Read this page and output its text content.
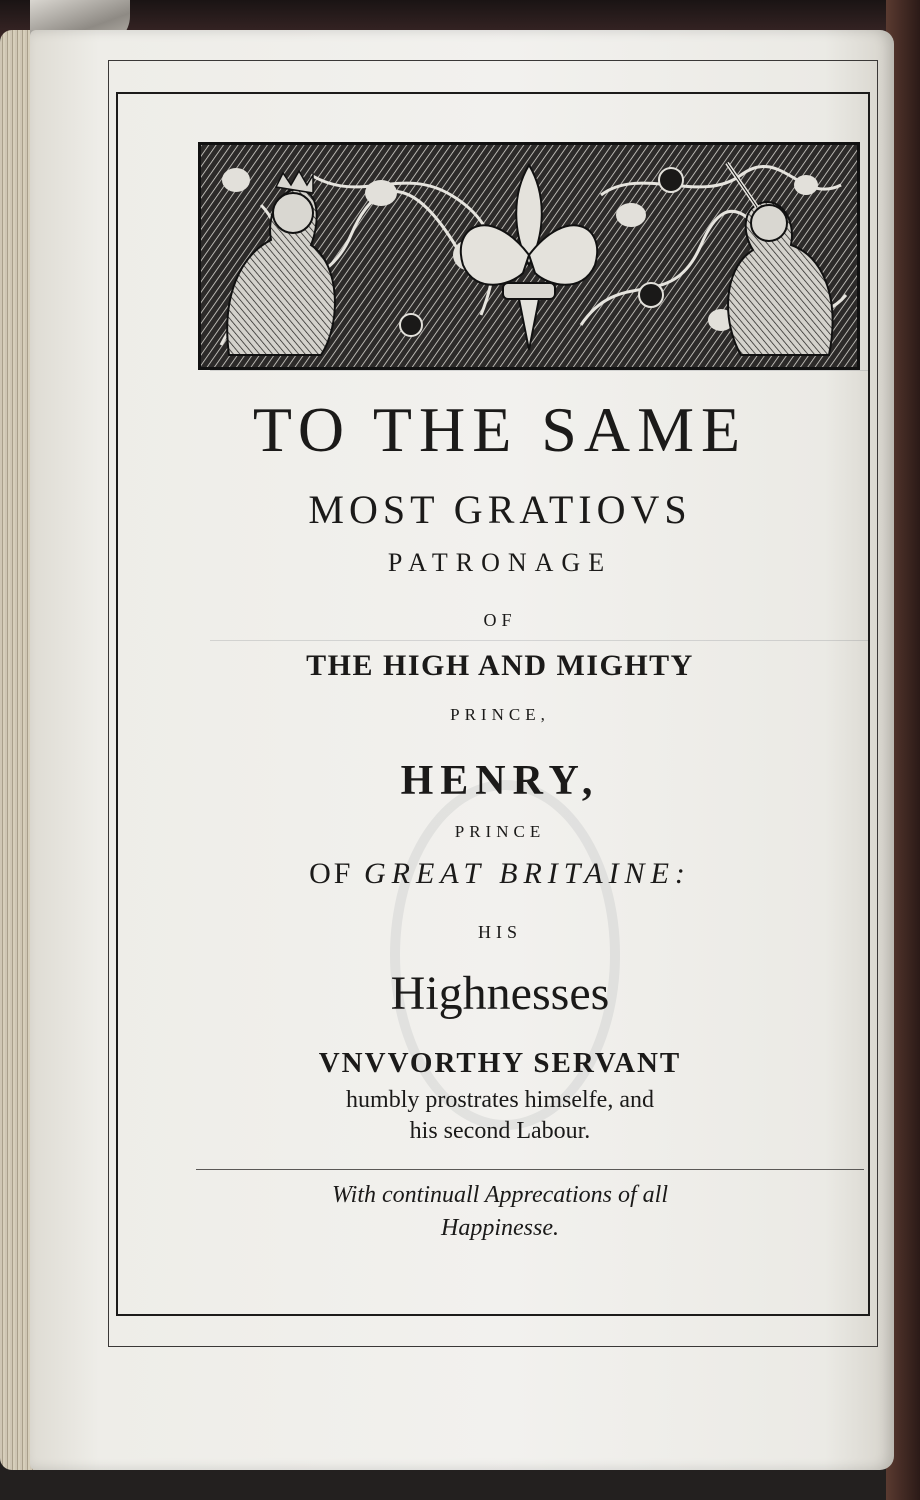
TO THE SAME
MOST GRATIOVS
PATRONAGE
OF
THE HIGH AND MIGHTY
PRINCE,
HENRY,
PRINCE
OF GREAT BRITAINE:
HIS
Highnesses
VNVVORTHY SERVANT
humbly prostrates himselfe, and
his second Labour.
With continuall Apprecations of all
Happinesse.
